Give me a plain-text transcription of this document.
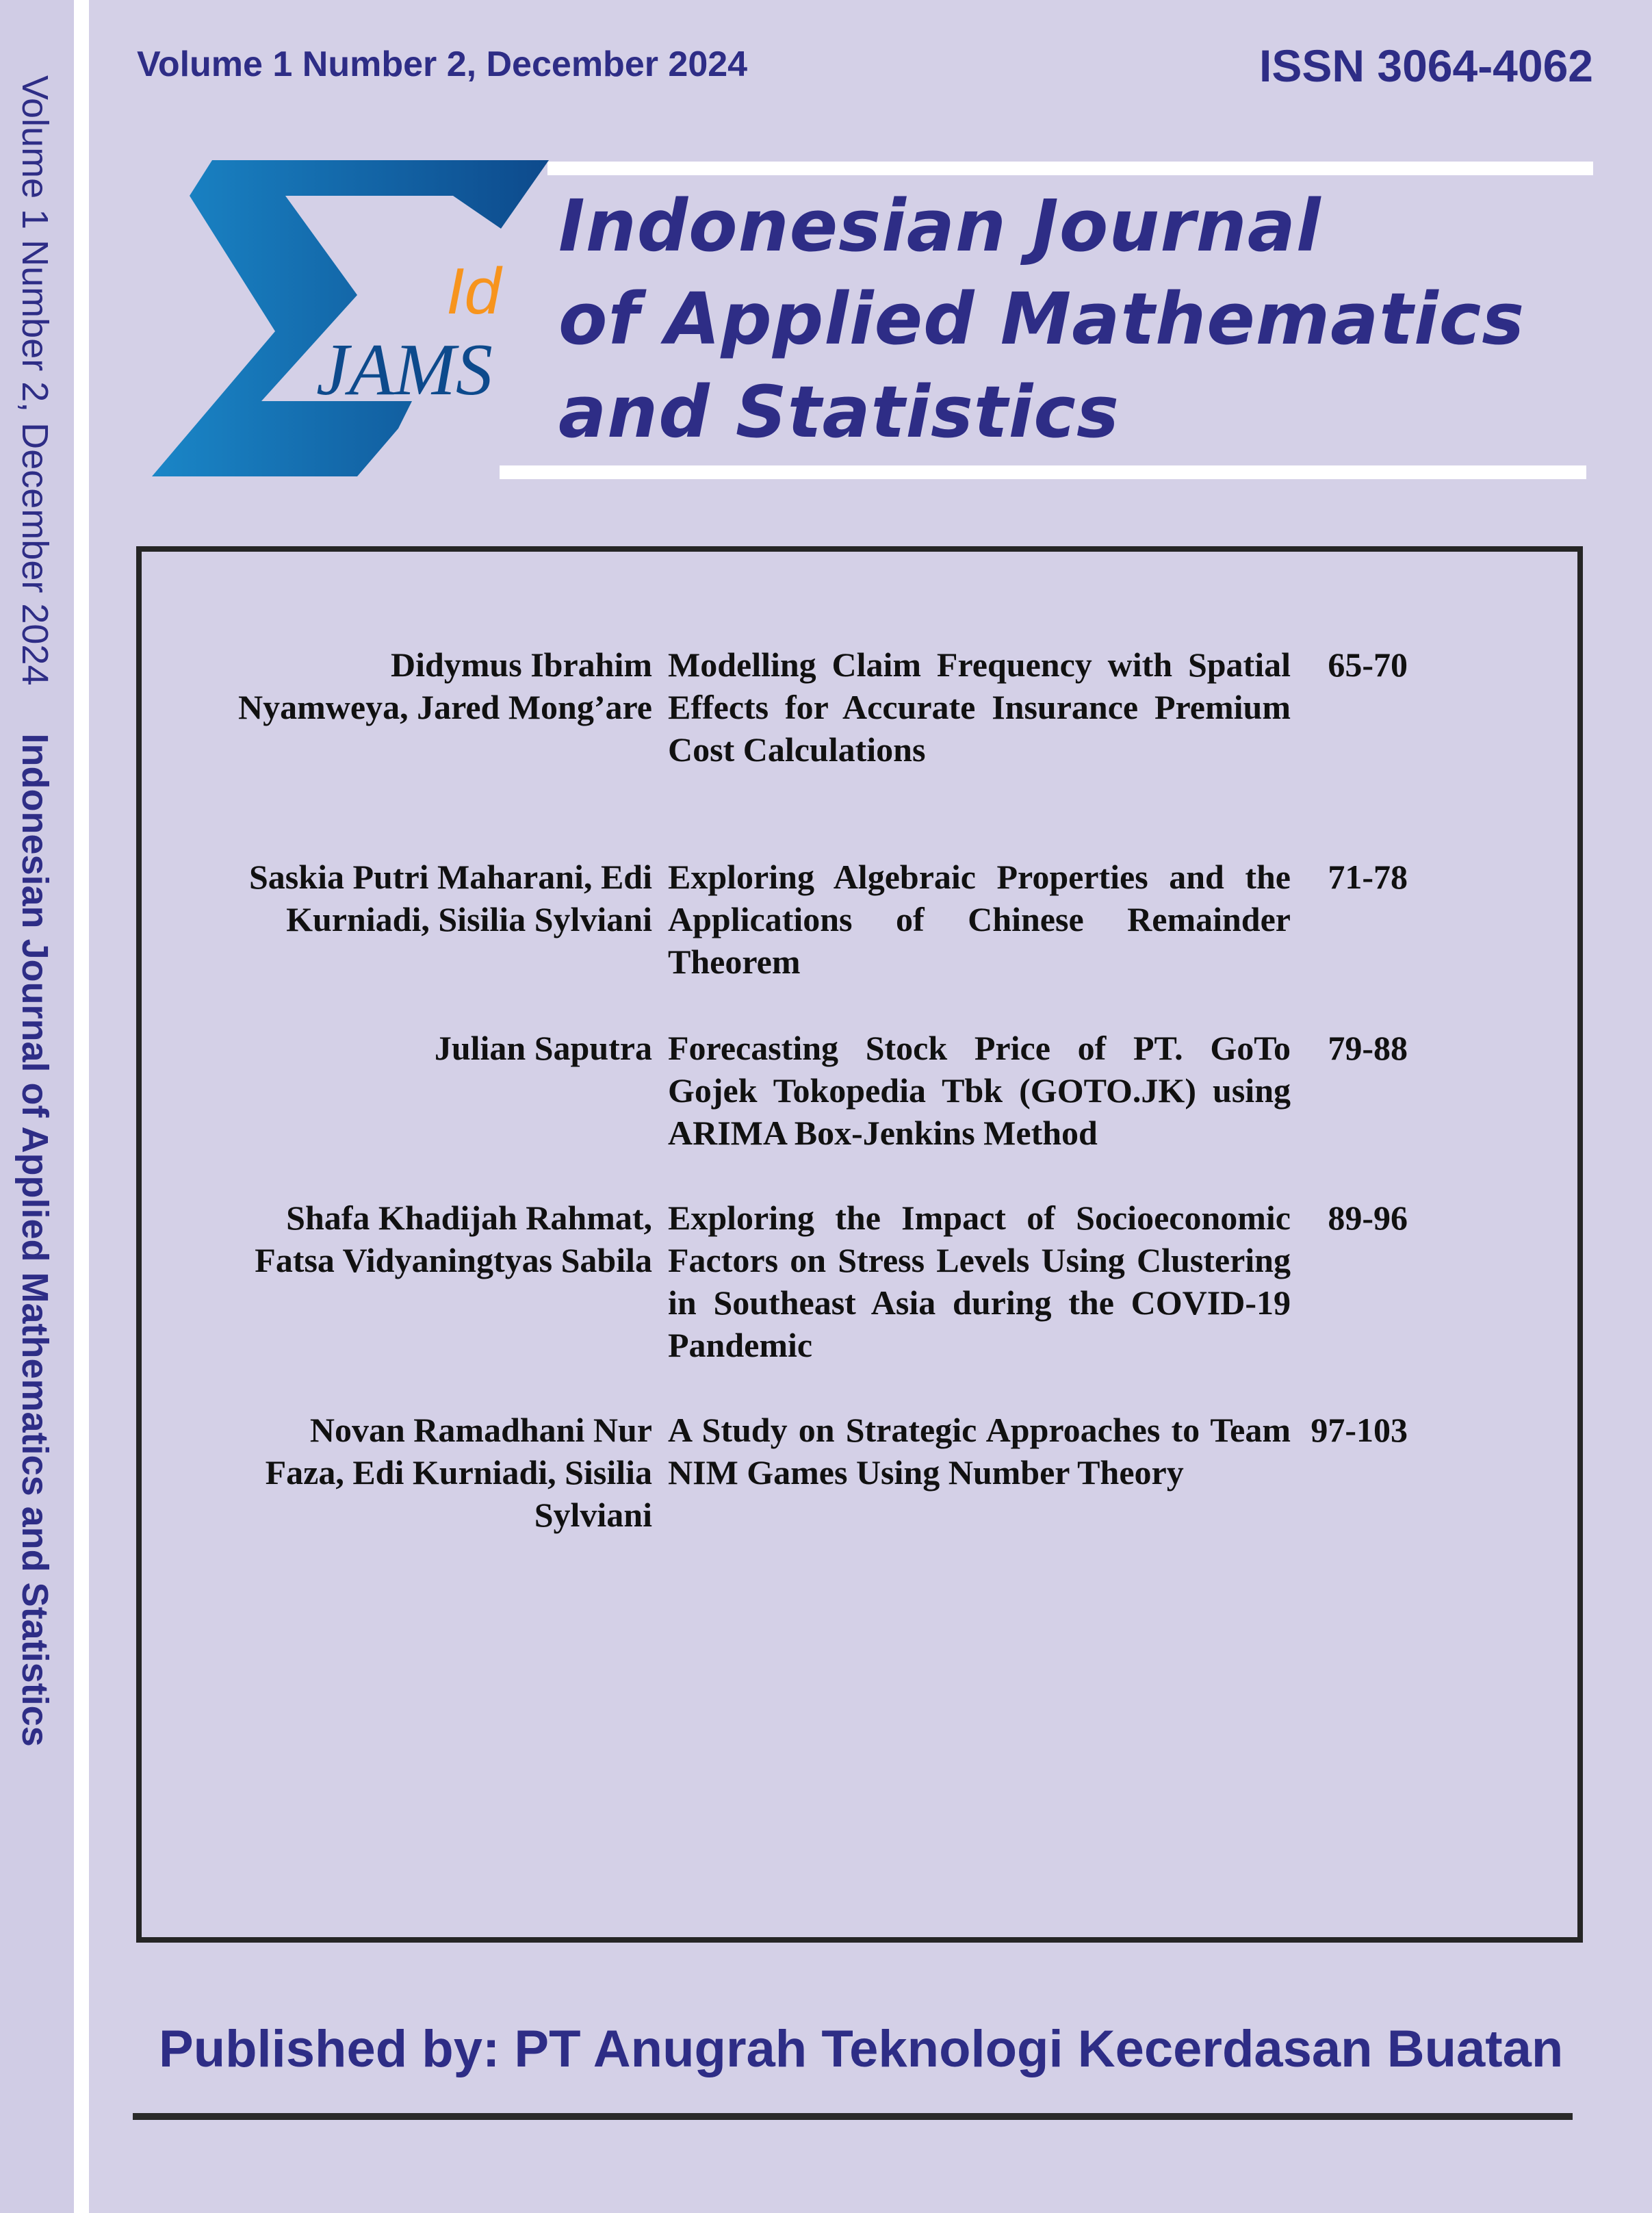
Volume 1 Number 2, December 2024Indonesian Journal of Applied Mathematics and Statistics
Volume 1 Number 2, December 2024	ISSN 3064-4062
JAMS
Id
Indonesian Journal
of Applied Mathematics
and Statistics
Didymus Ibrahim Nyamweya, Jared Mong’are
Modelling Claim Frequency with Spatial Effects for Accurate Insurance Premium Cost Calculations
65-70
Saskia Putri Maharani, Edi Kurniadi, Sisilia Sylviani
Exploring Algebraic Properties and the Applications of Chinese Remainder Theorem
71-78
Julian Saputra Forecasting Stock Price of PT. GoTo Gojek Tokopedia Tbk (GOTO.JK) using ARIMA Box-Jenkins Method
79-88
Shafa Khadijah Rahmat, Fatsa Vidyaningtyas Sabila
Exploring the Impact of Socioeconomic Factors on Stress Levels Using Clustering in Southeast Asia during the COVID-19 Pandemic
89-96
Novan Ramadhani Nur Faza, Edi Kurniadi, Sisilia Sylviani
A Study on Strategic Approaches to Team NIM Games Using Number Theory
97-103
Published by: PT Anugrah Teknologi Kecerdasan Buatan
